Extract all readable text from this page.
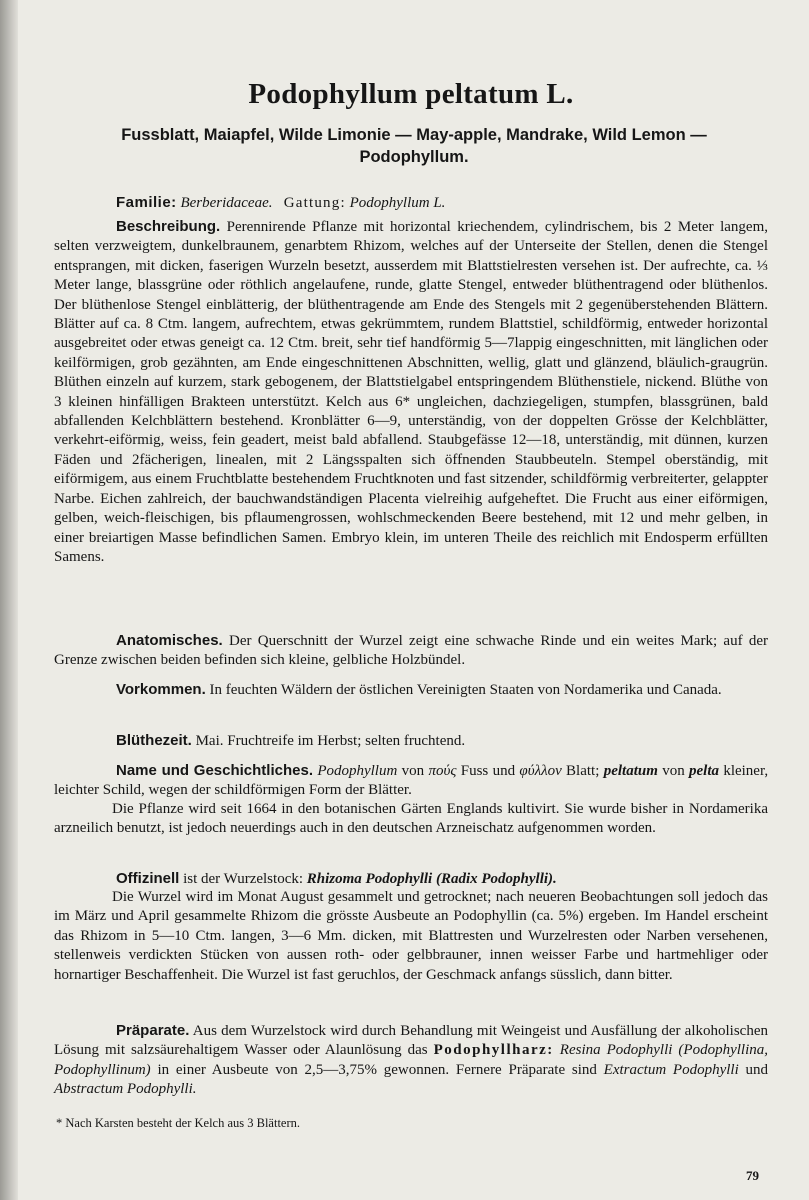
Podophyllum peltatum L.
Fussblatt, Maiapfel, Wilde Limonie — May-apple, Mandrake, Wild Lemon — Podophyllum.
Familie: Berberidaceae. Gattung: Podophyllum L.
Beschreibung. Perennirende Pflanze mit horizontal kriechendem, cylindrischem, bis 2 Meter langem, selten verzweigtem, dunkelbraunem, genarbtem Rhizom, welches auf der Unterseite der Stellen, denen die Stengel entsprangen, mit dicken, faserigen Wurzeln besetzt, ausserdem mit Blattstielresten versehen ist. Der aufrechte, ca. ⅓ Meter lange, blassgrüne oder röthlich angelaufene, runde, glatte Stengel, entweder blüthentragend oder blüthenlos. Der blüthenlose Stengel einblätterig, der blüthentragende am Ende des Stengels mit 2 gegenüberstehenden Blättern. Blätter auf ca. 8 Ctm. langem, aufrechtem, etwas gekrümmtem, rundem Blattstiel, schildförmig, entweder horizontal ausgebreitet oder etwas geneigt ca. 12 Ctm. breit, sehr tief handförmig 5—7lappig eingeschnitten, mit länglichen oder keilförmigen, grob gezähnten, am Ende eingeschnittenen Abschnitten, wellig, glatt und glänzend, bläulich-graugrün. Blüthen einzeln auf kurzem, stark gebogenem, der Blattstielgabel entspringendem Blüthenstiele, nickend. Blüthe von 3 kleinen hinfälligen Brakteen unterstützt. Kelch aus 6* ungleichen, dachziegeligen, stumpfen, blassgrünen, bald abfallenden Kelchblättern bestehend. Kronblätter 6—9, unterständig, von der doppelten Grösse der Kelchblätter, verkehrt-eiförmig, weiss, fein geadert, meist bald abfallend. Staubgefässe 12—18, unterständig, mit dünnen, kurzen Fäden und 2fächerigen, linealen, mit 2 Längsspalten sich öffnenden Staubbeuteln. Stempel oberständig, mit eiförmigem, aus einem Fruchtblatte bestehendem Fruchtknoten und fast sitzender, schildförmig verbreiterter, gelappter Narbe. Eichen zahlreich, der bauchwandständigen Placenta vielreihig aufgeheftet. Die Frucht aus einer eiförmigen, gelben, weich-fleischigen, bis pflaumengrossen, wohlschmeckenden Beere bestehend, mit 12 und mehr gelben, in einer breiartigen Masse befindlichen Samen. Embryo klein, im unteren Theile des reichlich mit Endosperm erfüllten Samens.
Anatomisches. Der Querschnitt der Wurzel zeigt eine schwache Rinde und ein weites Mark; auf der Grenze zwischen beiden befinden sich kleine, gelbliche Holzbündel.
Vorkommen. In feuchten Wäldern der östlichen Vereinigten Staaten von Nordamerika und Canada.
Blüthezeit. Mai. Fruchtreife im Herbst; selten fruchtend.
Name und Geschichtliches. Podophyllum von πούς Fuss und φύλλον Blatt; peltatum von pelta kleiner, leichter Schild, wegen der schildförmigen Form der Blätter.
Die Pflanze wird seit 1664 in den botanischen Gärten Englands kultivirt. Sie wurde bisher in Nordamerika arzneilich benutzt, ist jedoch neuerdings auch in den deutschen Arzneischatz aufgenommen worden.
Offizinell ist der Wurzelstock: Rhizoma Podophylli (Radix Podophylli).
Die Wurzel wird im Monat August gesammelt und getrocknet; nach neueren Beobachtungen soll jedoch das im März und April gesammelte Rhizom die grösste Ausbeute an Podophyllin (ca. 5%) ergeben. Im Handel erscheint das Rhizom in 5—10 Ctm. langen, 3—6 Mm. dicken, mit Blattresten und Wurzelresten oder Narben versehenen, stellenweis verdickten Stücken von aussen roth- oder gelbbrauner, innen weisser Farbe und hartmehliger oder hornartiger Beschaffenheit. Die Wurzel ist fast geruchlos, der Geschmack anfangs süsslich, dann bitter.
Präparate. Aus dem Wurzelstock wird durch Behandlung mit Weingeist und Ausfällung der alkoholischen Lösung mit salzsäurehaltigem Wasser oder Alaunlösung das Podophyllharz: Resina Podophylli (Podophyllina, Podophyllinum) in einer Ausbeute von 2,5—3,75% gewonnen. Fernere Präparate sind Extractum Podophylli und Abstractum Podophylli.
* Nach Karsten besteht der Kelch aus 3 Blättern.
79
